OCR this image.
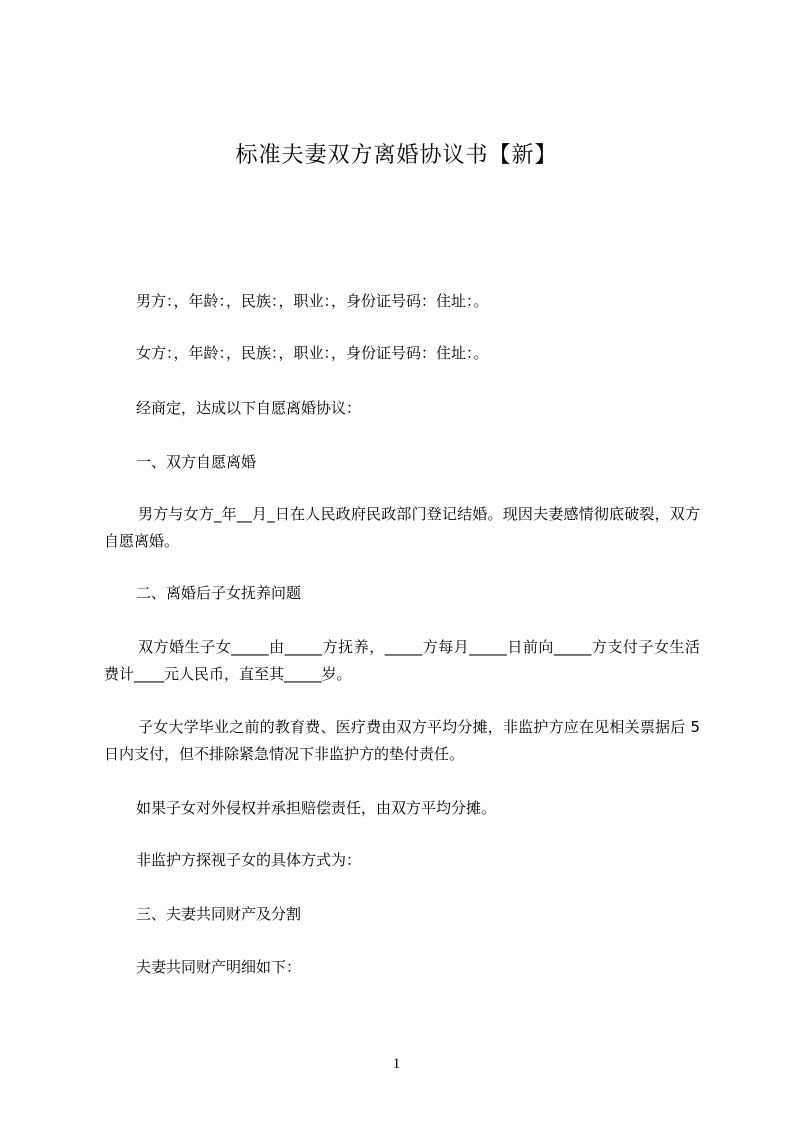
标准夫妻双方离婚协议书【新】
男方：，年龄：，民族：，职业：，身份证号码：住址：。
女方：，年龄：，民族：，职业：，身份证号码：住址：。
经商定，达成以下自愿离婚协议：
一、双方自愿离婚
男方与女方_年__月_日在人民政府民政部门登记结婚。现因夫妻感情彻底破裂，双方自愿离婚。
二、离婚后子女抚养问题
双方婚生子女_____由_____方抚养，_____方每月_____日前向_____方支付子女生活费计____元人民币，直至其_____岁。
子女大学毕业之前的教育费、医疗费由双方平均分摊，非监护方应在见相关票据后 5 日内支付，但不排除紧急情况下非监护方的垫付责任。
如果子女对外侵权并承担赔偿责任，由双方平均分摊。
非监护方探视子女的具体方式为：
三、夫妻共同财产及分割
夫妻共同财产明细如下：
1
